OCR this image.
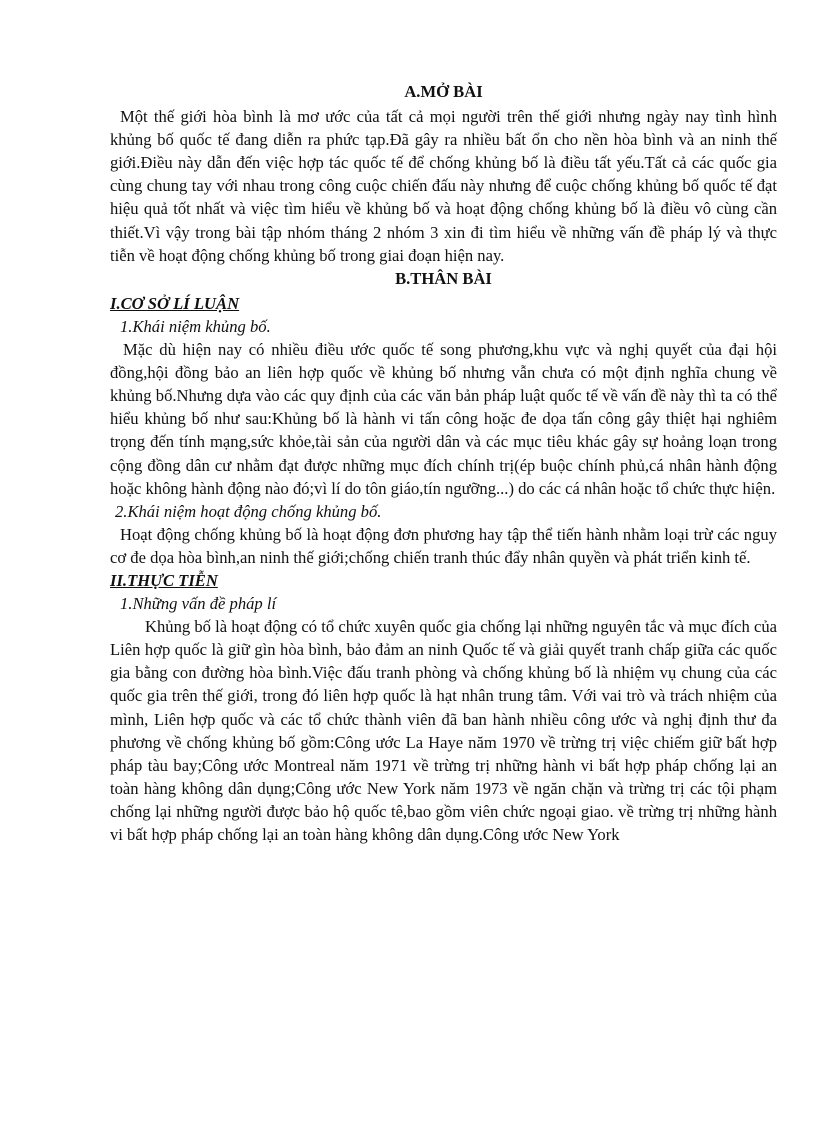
A.MỞ BÀI

Một thế giới hòa bình là mơ ước của tất cả mọi người trên thế giới nhưng ngày nay tình hình khủng bố quốc tế đang diễn ra phức tạp.Đã gây ra nhiều bất ổn cho nền hòa bình và an ninh thế giới.Điều này dẫn đến việc hợp tác quốc tế để chống khủng bố là điều tất yếu.Tất cả các quốc gia cùng chung tay với nhau trong công cuộc chiến đấu này nhưng để cuộc chống khủng bố quốc tế đạt hiệu quả tốt nhất và việc tìm hiểu về khủng bố và hoạt động chống khủng bố là điều vô cùng cần thiết.Vì vậy trong bài tập nhóm tháng 2 nhóm 3 xin đi tìm hiểu về những vấn đề pháp lý và thực tiễn về hoạt động chống khủng bố trong giai đoạn hiện nay.

B.THÂN BÀI
I.CƠ SỞ LÍ LUẬN
1.Khái niệm khủng bố.

Mặc dù hiện nay có nhiều điều ước quốc tế song phương,khu vực và nghị quyết của đại hội đồng,hội đồng bảo an liên hợp quốc về khủng bố nhưng vẫn chưa có một định nghĩa chung về khủng bố.Nhưng dựa vào các quy định của các văn bản pháp luật quốc tế về vấn đề này thì ta có thể hiểu khủng bố như sau:Khủng bố là hành vi tấn công hoặc đe dọa tấn công gây thiệt hại nghiêm trọng đến tính mạng,sức khỏe,tài sản của người dân và các mục tiêu khác gây sự hoảng loạn trong cộng đồng dân cư nhằm đạt được những mục đích chính trị(ép buộc chính phủ,cá nhân hành động hoặc không hành động nào đó;vì lí do tôn giáo,tín ngưỡng...) do các cá nhân hoặc tổ chức thực hiện.

2.Khái niệm hoạt động chống khủng bố.

Hoạt động chống khủng bố là hoạt động đơn phương hay tập thể tiến hành nhằm loại trừ các nguy cơ đe dọa hòa bình,an ninh thế giới;chống chiến tranh thúc đẩy nhân quyền và phát triển kinh tế.

II.THỰC TIỄN
1.Những vấn đề pháp lí

Khủng bố là hoạt động có tổ chức xuyên quốc gia chống lại những nguyên tắc và mục đích của Liên hợp quốc là giữ gìn hòa bình, bảo đảm an ninh Quốc tế và giải quyết tranh chấp giữa các quốc gia bằng con đường hòa bình.Việc đấu tranh phòng và chống khủng bố là nhiệm vụ chung của các quốc gia trên thế giới, trong đó liên hợp quốc là hạt nhân trung tâm. Với vai trò và trách nhiệm của mình, Liên hợp quốc và các tổ chức thành viên đã ban hành nhiều công ước và nghị định thư đa phương về chống khủng bố gồm:Công ước La Haye năm 1970 về trừng trị việc chiếm giữ bất hợp pháp tàu bay;Công ước Montreal năm 1971 về trừng trị những hành vi bất hợp pháp chống lại an toàn hàng không dân dụng;Công ước New York năm 1973 về ngăn chặn và trừng trị các tội phạm chống lại những người được bảo hộ quốc tê,bao gồm viên chức ngoại giao. về trừng trị những hành vi bất hợp pháp chống lại an toàn hàng không dân dụng.Công ước New York
